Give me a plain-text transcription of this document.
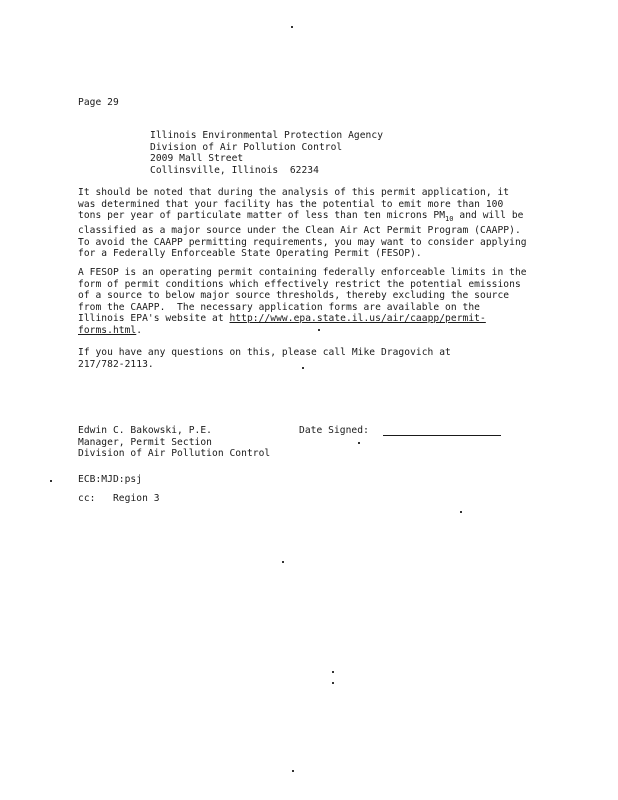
Page 29
Illinois Environmental Protection Agency
Division of Air Pollution Control
2009 Mall Street
Collinsville, Illinois  62234
It should be noted that during the analysis of this permit application, it
was determined that your facility has the potential to emit more than 100
tons per year of particulate matter of less than ten microns $PM_{10}$ and will be
classified as a major source under the Clean Air Act Permit Program (CAAPP).
To avoid the CAAPP permitting requirements, you may want to consider applying
for a Federally Enforceable State Operating Permit (FESOP).
A FESOP is an operating permit containing federally enforceable limits in the
form of permit conditions which effectively restrict the potential emissions
of a source to below major source thresholds, thereby excluding the source
from the CAAPP.  The necessary application forms are available on the
Illinois EPA's website at http://www.epa.state.il.us/air/caapp/permit-
forms.html.
If you have any questions on this, please call Mike Dragovich at
217/782-2113.
Edwin C. Bakowski, P.E.
Manager, Permit Section
Division of Air Pollution Control
Date Signed:
ECB:MJD:psj
cc: Region 3
